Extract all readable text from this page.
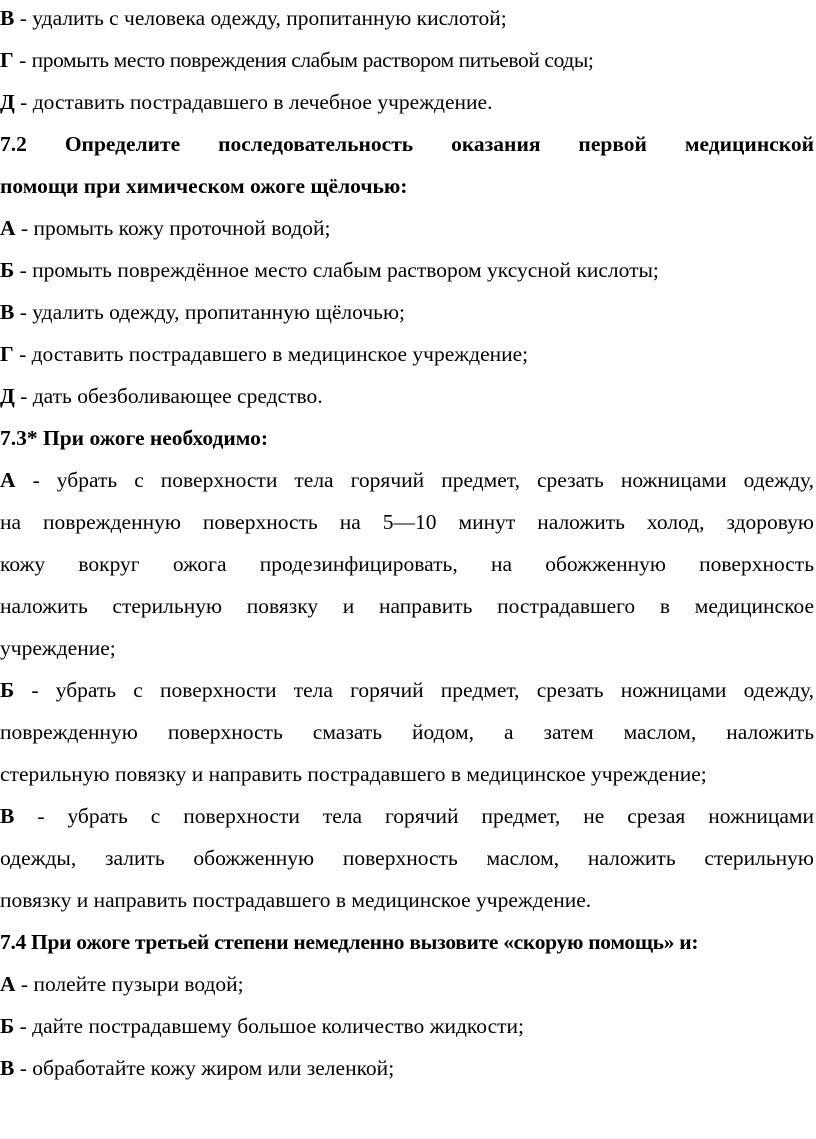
В - удалить с человека одежду, пропитанную кислотой;
Г - промыть место повреждения слабым раствором питьевой соды;
Д - доставить пострадавшего в лечебное учреждение.
7.2 Определите последовательность оказания первой медицинской
помощи при химическом ожоге щёлочью:
А - промыть кожу проточной водой;
Б - промыть повреждённое место слабым раствором уксусной кислоты;
В - удалить одежду, пропитанную щёлочью;
Г - доставить пострадавшего в медицинское учреждение;
Д - дать обезболивающее средство.
7.3* При ожоге необходимо:
А - убрать с поверхности тела горячий предмет, срезать ножницами одежду,
на поврежденную поверхность на 5—10 минут наложить холод, здоровую
кожу вокруг ожога продезинфицировать, на обожженную поверхность
наложить стерильную повязку и направить пострадавшего в медицинское
учреждение;
Б - убрать с поверхности тела горячий предмет, срезать ножницами одежду,
поврежденную поверхность смазать йодом, а затем маслом, наложить
стерильную повязку и направить пострадавшего в медицинское учреждение;
В - убрать с поверхности тела горячий предмет, не срезая ножницами
одежды, залить обожженную поверхность маслом, наложить стерильную
повязку и направить пострадавшего в медицинское учреждение.
7.4 При ожоге третьей степени немедленно вызовите «скорую помощь» и:
А - полейте пузыри водой;
Б - дайте пострадавшему большое количество жидкости;
В - обработайте кожу жиром или зеленкой;
